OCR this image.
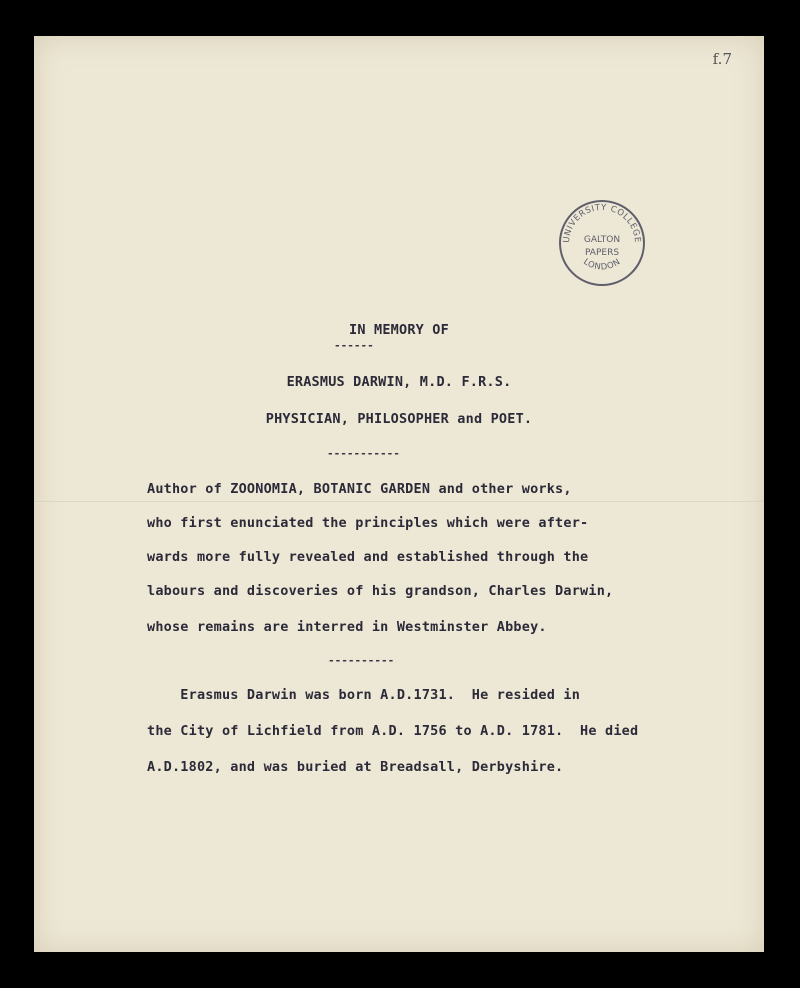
f.7
UNIVERSITY COLLEGE
LONDON
GALTON
PAPERS
IN MEMORY OF
------
ERASMUS DARWIN, M.D. F.R.S.
PHYSICIAN, PHILOSOPHER and POET.
-----------
Author of ZOONOMIA, BOTANIC GARDEN and other works,
who first enunciated the principles which were after-
wards more fully revealed and established through the
labours and discoveries of his grandson, Charles Darwin,
whose remains are interred in Westminster Abbey.
----------
Erasmus Darwin was born A.D.1731.  He resided in
the City of Lichfield from A.D. 1756 to A.D. 1781.  He died
A.D.1802, and was buried at Breadsall, Derbyshire.
